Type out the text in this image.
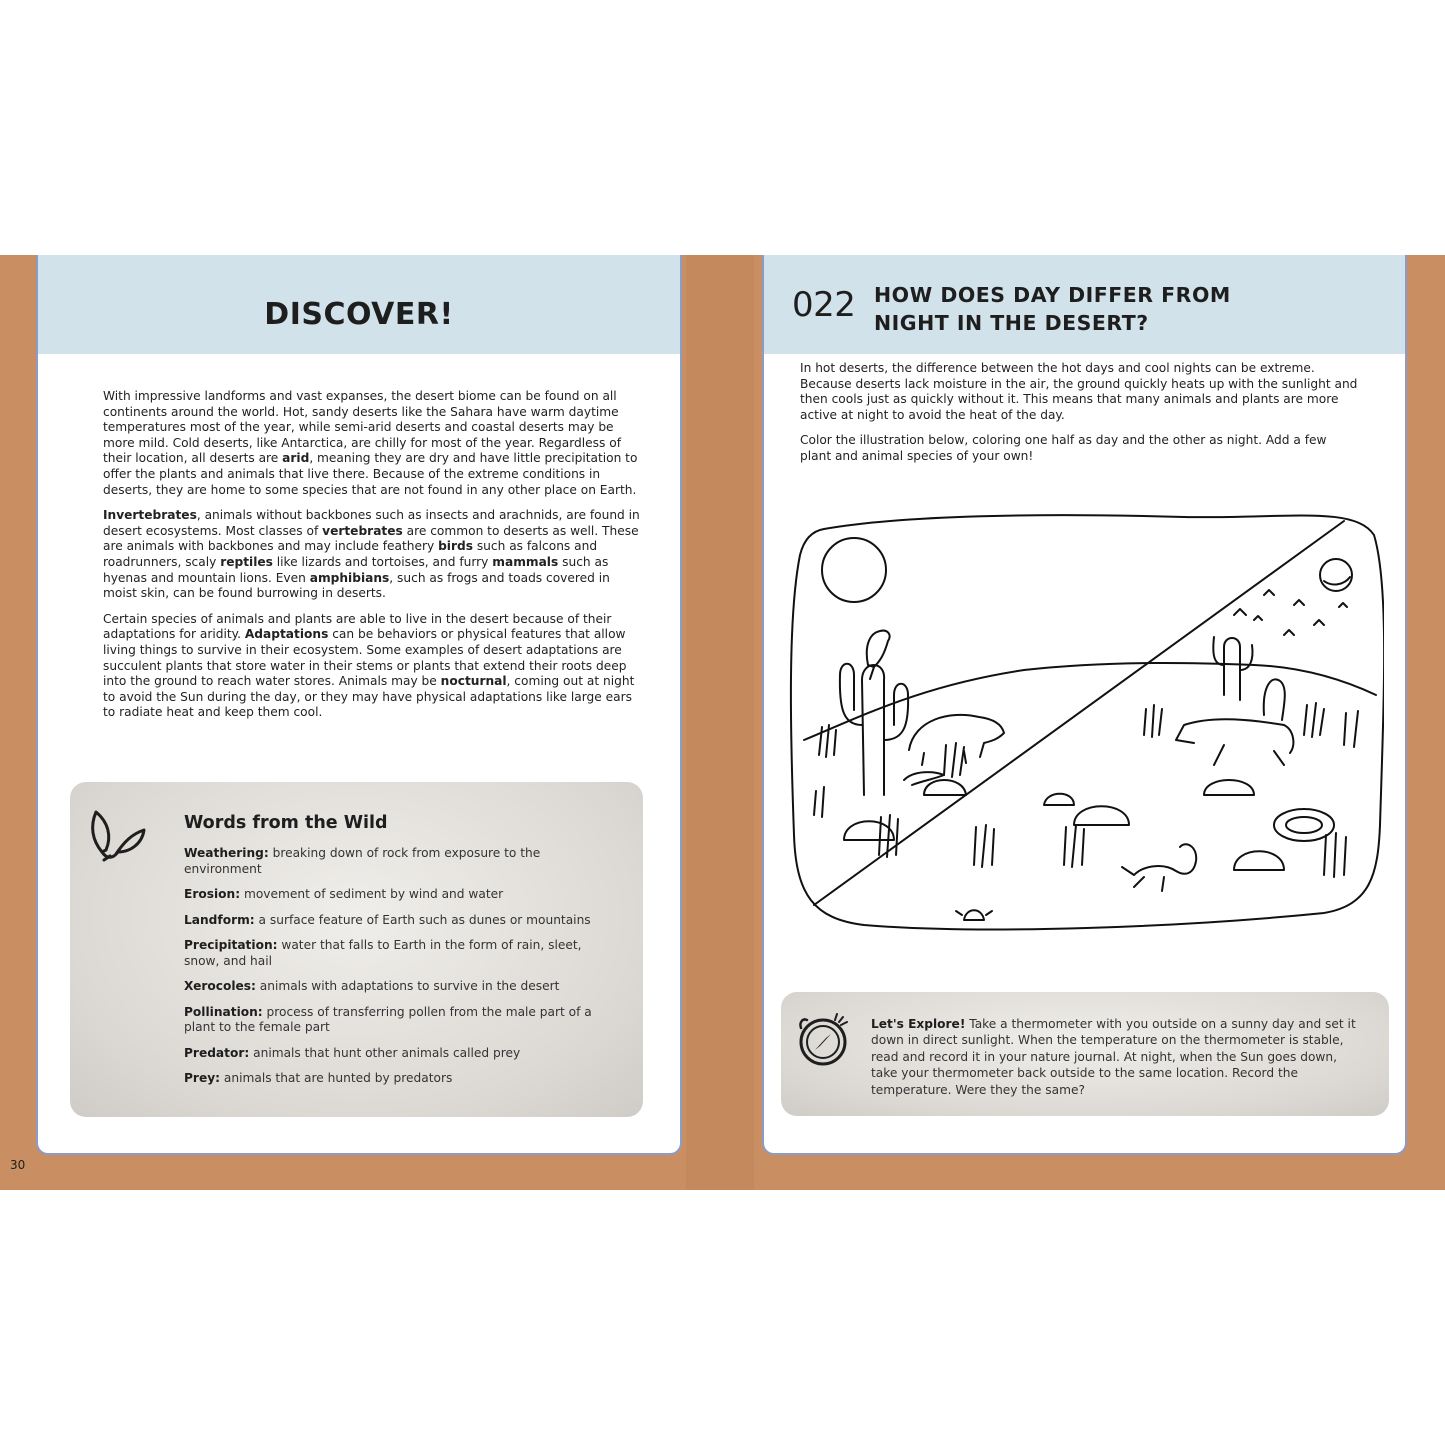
DISCOVER!

With impressive landforms and vast expanses, the desert biome can be found on all continents around the world. Hot, sandy deserts like the Sahara have warm daytime temperatures most of the year, while semi-arid deserts and coastal deserts may be more mild. Cold deserts, like Antarctica, are chilly for most of the year. Regardless of their location, all deserts are arid, meaning they are dry and have little precipitation to offer the plants and animals that live there. Because of the extreme conditions in deserts, they are home to some species that are not found in any other place on Earth.

Invertebrates, animals without backbones such as insects and arachnids, are found in desert ecosystems. Most classes of vertebrates are common to deserts as well. These are animals with backbones and may include feathery birds such as falcons and roadrunners, scaly reptiles like lizards and tortoises, and furry mammals such as hyenas and mountain lions. Even amphibians, such as frogs and toads covered in moist skin, can be found burrowing in deserts.

Certain species of animals and plants are able to live in the desert because of their adaptations for aridity. Adaptations can be behaviors or physical features that allow living things to survive in their ecosystem. Some examples of desert adaptations are succulent plants that store water in their stems or plants that extend their roots deep into the ground to reach water stores. Animals may be nocturnal, coming out at night to avoid the Sun during the day, or they may have physical adaptations like large ears to radiate heat and keep them cool.

Words from the Wild
Weathering: breaking down of rock from exposure to the environment
Erosion: movement of sediment by wind and water
Landform: a surface feature of Earth such as dunes or mountains
Precipitation: water that falls to Earth in the form of rain, sleet, snow, and hail
Xerocoles: animals with adaptations to survive in the desert
Pollination: process of transferring pollen from the male part of a plant to the female part
Predator: animals that hunt other animals called prey
Prey: animals that are hunted by predators
022 HOW DOES DAY DIFFER FROM NIGHT IN THE DESERT?

In hot deserts, the difference between the hot days and cool nights can be extreme. Because deserts lack moisture in the air, the ground quickly heats up with the sunlight and then cools just as quickly without it. This means that many animals and plants are more active at night to avoid the heat of the day.

Color the illustration below, coloring one half as day and the other as night. Add a few plant and animal species of your own!

Let's Explore! Take a thermometer with you outside on a sunny day and set it down in direct sunlight. When the temperature on the thermometer is stable, read and record it in your nature journal. At night, when the Sun goes down, take your thermometer back outside to the same location. Record the temperature. Were they the same?
30
